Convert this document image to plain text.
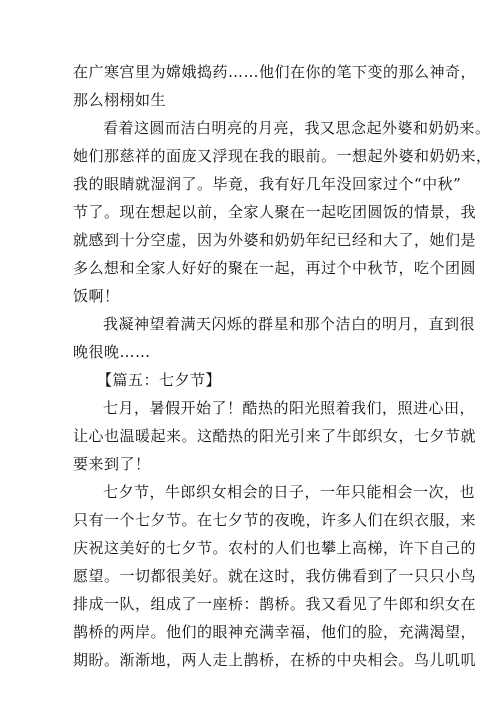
在广寒宫里为嫦娥捣药……他们在你的笔下变的那么神奇，
那么栩栩如生
看着这圆而洁白明亮的月亮，我又思念起外婆和奶奶来。
她们那慈祥的面庞又浮现在我的眼前。一想起外婆和奶奶来，
我的眼睛就湿润了。毕竟，我有好几年没回家过个“中秋”
节了。现在想起以前，全家人聚在一起吃团圆饭的情景，我
就感到十分空虚，因为外婆和奶奶年纪已经和大了，她们是
多么想和全家人好好的聚在一起，再过个中秋节，吃个团圆
饭啊！
我凝神望着满天闪烁的群星和那个洁白的明月，直到很
晚很晚……
【篇五：七夕节】
七月，暑假开始了！酷热的阳光照着我们，照进心田，
让心也温暖起来。这酷热的阳光引来了牛郎织女，七夕节就
要来到了！
七夕节，牛郎织女相会的日子，一年只能相会一次，也
只有一个七夕节。在七夕节的夜晚，许多人们在织衣服，来
庆祝这美好的七夕节。农村的人们也攀上高梯，许下自己的
愿望。一切都很美好。就在这时，我仿佛看到了一只只小鸟
排成一队，组成了一座桥：鹊桥。我又看见了牛郎和织女在
鹊桥的两岸。他们的眼神充满幸福，他们的脸，充满渴望，
期盼。渐渐地，两人走上鹊桥，在桥的中央相会。鸟儿叽叽
